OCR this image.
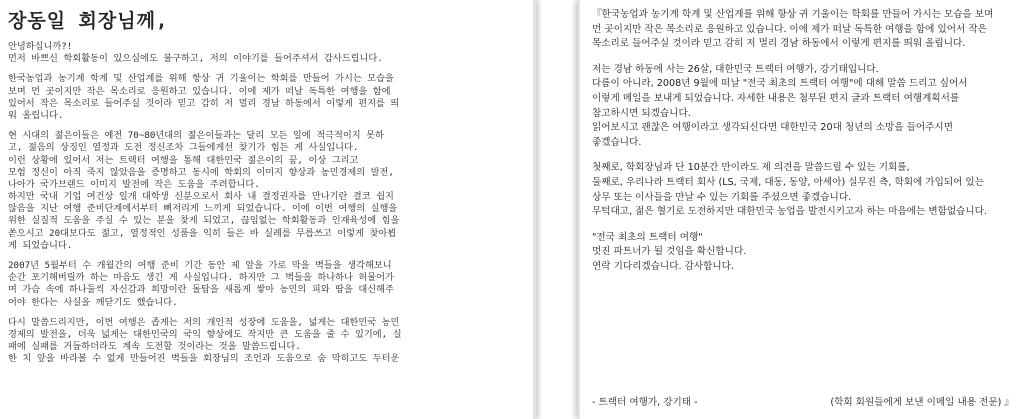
장동일 회장님께,
안녕하십니까?!
먼저 바쁘신 학회활동이 있으심에도 불구하고, 저의 이야기를 들어주셔서 감사드립니다.
한국농업과 농기계 학계 및 산업계를 위해 항상 귀 기울이는 학회를 만들어 가시는 모습을
보며 먼 곳이지만 작은 목소리로 응원하고 있습니다. 이에 제가 떠날 독특한 여행을 함에
있어서 작은 목소리로 들어주실 것이라 믿고 감히 저 멀리 경남 하동에서 이렇게 편지를 띄
워 올립니다.
현 시대의 젊은이들은 예전 70~80년대의 젊은이들과는 달리 모든 일에 적극적이지 못하
고, 젊음의 상징인 열정과 도전 정신조차 그들에게선 찾기가 힘든 게 사실입니다.
이런 상황에 있어서 저는 트랙터 여행을 통해 대한민국 젊은이의 꿈, 이상 그리고
모험 정신이 아직 죽지 않았음을 증명하고 동시에 학회의 이미지 향상과 농민경제의 발전,
나아가 국가브랜드 이미지 발전에 작은 도움을 주려합니다.
하지만 국내 기업 여건상 일개 대학생 신분으로서 회사 내 결정권자를 만나기란 결코 쉽지
않음을 지난 여행 준비단계에서부터 뼈저리게 느끼게 되었습니다. 이에 이번 여행의 실행을
위한 실질적 도움을 주실 수 있는 분을 찾게 되었고, 끊임없는 학회활동과 인재육성에 힘을
쏟으시고 20대보다도 젊고, 열정적인 성품을 익히 들은 바 실례를 무릅쓰고 이렇게 찾아뵙
게 되었습니다.
2007년 5월부터 수 개월간의 여행 준비 기간 동안 제 앞을 가로 막을 벽들을 생각해보니
순간 포기해버릴까 하는 마음도 생긴 게 사실입니다. 하지만 그 벽들을 하나하나 허물어가
며 가슴 속에 하나둘씩 자신감과 희망이란 돌탑을 새롭게 쌓아 농민의 피와 땀을 대신해주
어야 한다는 사실을 깨닫기도 했습니다.
다시 말씀드리지만, 이번 여행은 좁게는 저의 개인적 성장에 도움을, 넓게는 대한민국 농민
경제의 발전을, 더욱 넓게는 대한민국의 국익 향상에도 작지만 큰 도움을 줄 수 있기에, 실
패에 실패를 거듭하더라도 계속 도전할 것이라는 것을 말씀드립니다.
한 치 앞을 바라볼 수 없게 만들어진 벽들을 회장님의 조언과 도움으로 숨 막히고도 두터운
『한국농업과 농기계 학계 및 산업계를 위해 항상 귀 기울이는 학회를 만들어 가시는 모습을 보며
먼 곳이지만 작은 목소리로 응원하고 있습니다. 이에 제가 떠날 독특한 여행을 함에 있어서 작은
목소리로 들어주실 것이라 믿고 감히 저 멀리 경남 하동에서 이렇게 편지를 띄워 올립니다.
저는 경남 하동에 사는 26살, 대한민국 트랙터 여행가, 강기태입니다.
다름이 아니라, 2008년 9월에 떠날 "전국 최초의 트랙터 여행"에 대해 말씀 드리고 싶어서
이렇게 메일을 보내게 되었습니다. 자세한 내용은 첨부된 편지 글과 트랙터 여행계획서를
참고하시면 되겠습니다.
읽어보시고 괜찮은 여행이라고 생각되신다면 대한민국 20대 청년의 소망을 들어주시면
좋겠습니다.
첫째로, 학회장님과 단 10분간 만이라도 제 의견을 말씀드릴 수 있는 기회를,
둘째로, 우리나라 트랙터 회사 (LS, 국제, 대동, 동양, 아세아) 실무진 측, 학회에 가입되어 있는
상무 또는 이사들을 만날 수 있는 기회를 주셨으면 좋겠습니다.
무턱대고, 젊은 혈기로 도전하지만 대한민국 농업을 발전시키고자 하는 마음에는 변함없습니다.
"전국 최초의 트랙터 여행"
멋진 파트너가 될 것임을 확신합니다.
연락 기다리겠습니다. 감사합니다.
- 트랙터 여행가, 강기태 -	(학회 회원들에게 보낸 이메일 내용 전문) 』
